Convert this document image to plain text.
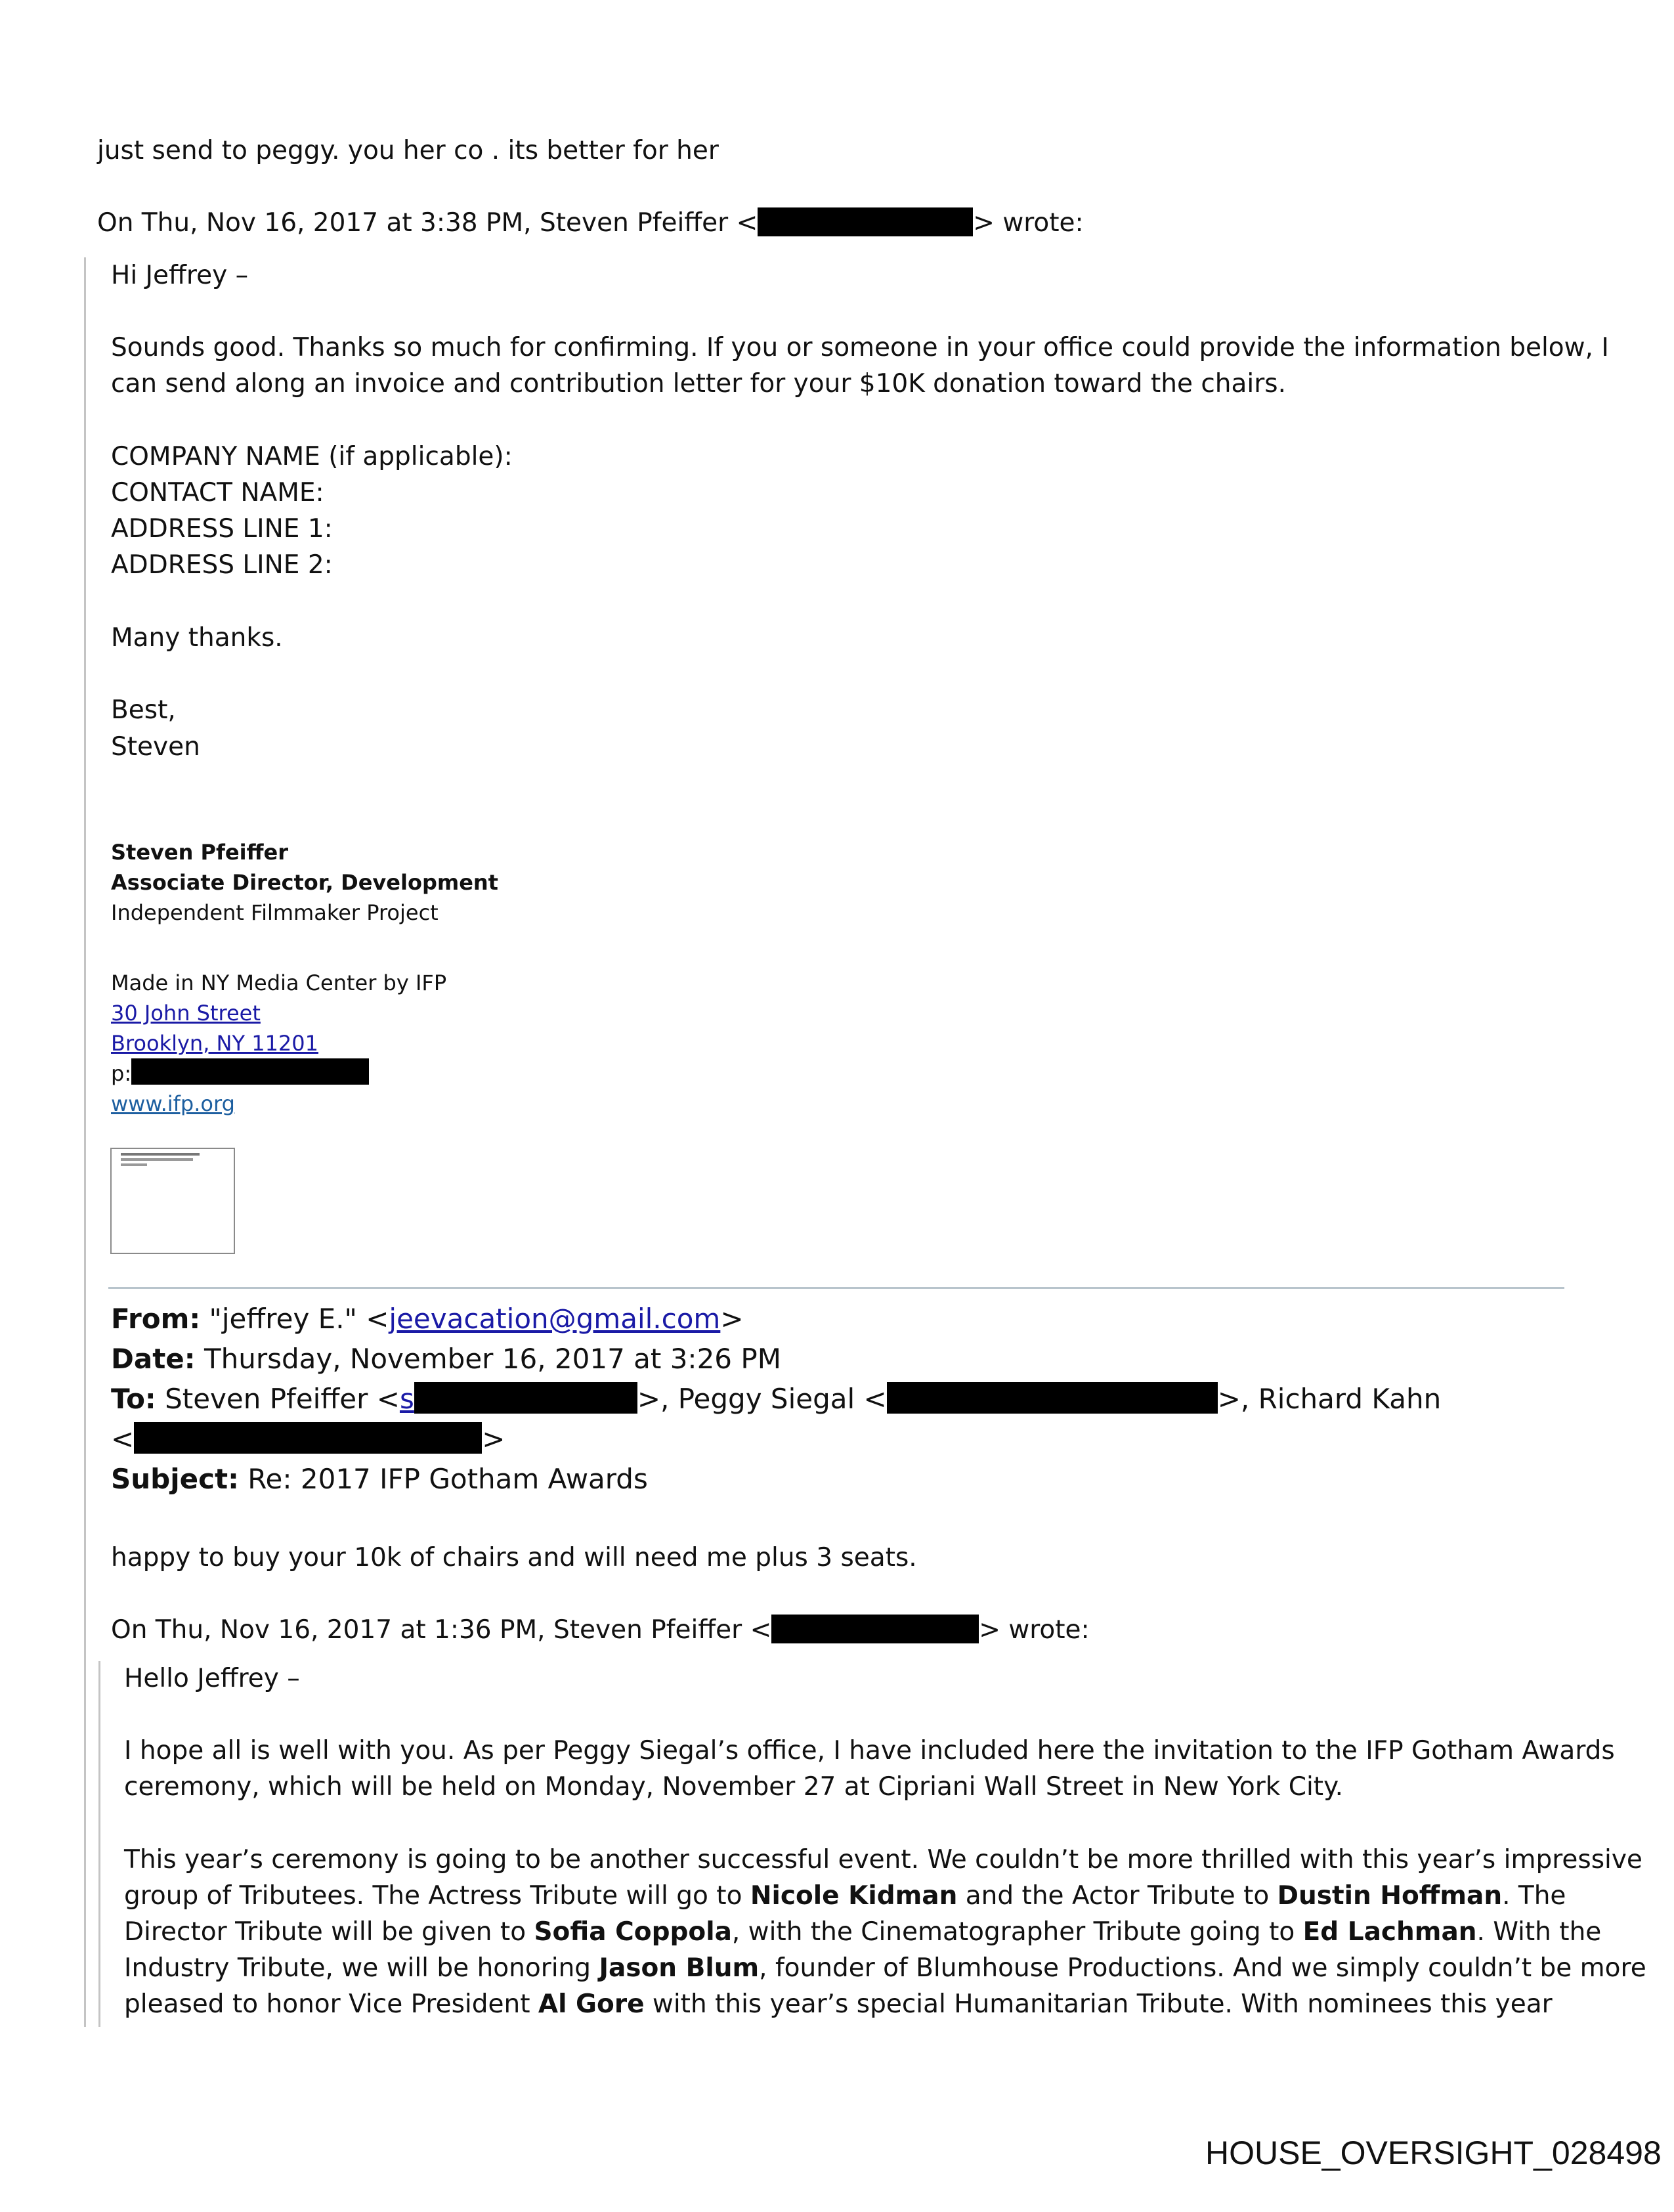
just send to peggy. you her co . its better for her
On Thu, Nov 16, 2017 at 3:38 PM, Steven Pfeiffer <	> wrote:
Hi Jeffrey –
Sounds good. Thanks so much for confirming. If you or someone in your office could provide the information below, I
can send along an invoice and contribution letter for your $10K donation toward the chairs.
COMPANY NAME (if applicable):
CONTACT NAME:
ADDRESS LINE 1:
ADDRESS LINE 2:
Many thanks.
Best,
Steven
Steven Pfeiffer
Associate Director, Development
Independent Filmmaker Project
Made in NY Media Center by IFP
30 John Street
Brooklyn, NY 11201
p:
www.ifp.org
From: "jeffrey E." <jeevacation@gmail.com>
Date: Thursday, November 16, 2017 at 3:26 PM
To: Steven Pfeiffer <s	>, Peggy Siegal <	>, Richard Kahn
<	>
Subject: Re: 2017 IFP Gotham Awards
happy to buy your 10k of chairs and will need me plus 3 seats.
On Thu, Nov 16, 2017 at 1:36 PM, Steven Pfeiffer <	> wrote:
Hello Jeffrey –
I hope all is well with you. As per Peggy Siegal’s office, I have included here the invitation to the IFP Gotham Awards
ceremony, which will be held on Monday, November 27 at Cipriani Wall Street in New York City.
This year’s ceremony is going to be another successful event. We couldn’t be more thrilled with this year’s impressive
group of Tributees. The Actress Tribute will go to Nicole Kidman and the Actor Tribute to Dustin Hoffman. The
Director Tribute will be given to Sofia Coppola, with the Cinematographer Tribute going to Ed Lachman. With the
Industry Tribute, we will be honoring Jason Blum, founder of Blumhouse Productions. And we simply couldn’t be more
pleased to honor Vice President Al Gore with this year’s special Humanitarian Tribute. With nominees this year
HOUSE_OVERSIGHT_028498
